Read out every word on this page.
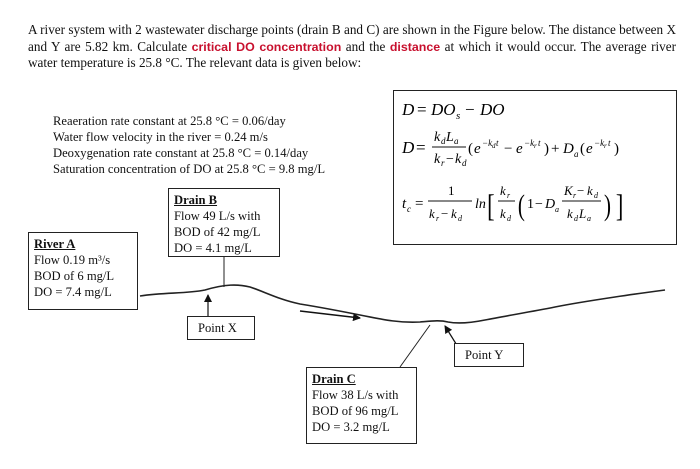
A river system with 2 wastewater discharge points (drain B and C) are shown in the Figure below. The distance between X and Y are 5.82 km. Calculate critical DO concentration and the distance at which it would occur. The average river water temperature is 25.8 °C. The relevant data is given below:
Reaeration rate constant at 25.8 °C = 0.06/day
Water flow velocity in the river = 0.24 m/s
Deoxygenation rate constant at 25.8 °C = 0.14/day
Saturation concentration of DO at 25.8 °C = 9.8 mg/L
River A
Flow 0.19 m³/s
BOD of 6 mg/L
DO = 7.4 mg/L
Drain B
Flow 49 L/s with
BOD of 42 mg/L
DO = 4.1 mg/L
Point X
Point Y
Drain C
Flow 38 L/s with
BOD of 96 mg/L
DO = 3.2 mg/L
D = DO s − DO
D =
k d L a
k r − k d
( e −k d t − e −k r t ) + D a ( e −k r t )
t c =
1
k r − k d
ln [ k r
k d ( 1 − D a
K r − k d
k d L a ) ]
